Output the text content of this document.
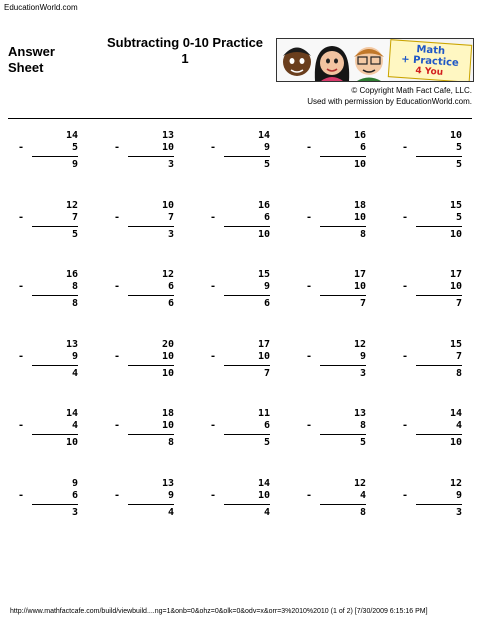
EducationWorld.com
Answer
Sheet
Subtracting 0-10 Practice
1
Math
+ Practice
4 You
© Copyright Math Fact Cafe, LLC.
Used with permission by EducationWorld.com.
14
-	5
9
13
-	10
3
14
-	9
5
16
-	6
10
10
-	5
5
12
-	7
5
10
-	7
3
16
-	6
10
18
-	10
8
15
-	5
10
16
-	8
8
12
-	6
6
15
-	9
6
17
-	10
7
17
-	10
7
13
-	9
4
20
-	10
10
17
-	10
7
12
-	9
3
15
-	7
8
14
-	4
10
18
-	10
8
11
-	6
5
13
-	8
5
14
-	4
10
9
-	6
3
13
-	9
4
14
-	10
4
12
-	4
8
12
-	9
3
http://www.mathfactcafe.com/build/viewbuild....ng=1&onb=0&ohz=0&olk=0&odv=x&orr=3%2010%2010 (1 of 2) [7/30/2009 6:15:16 PM]
